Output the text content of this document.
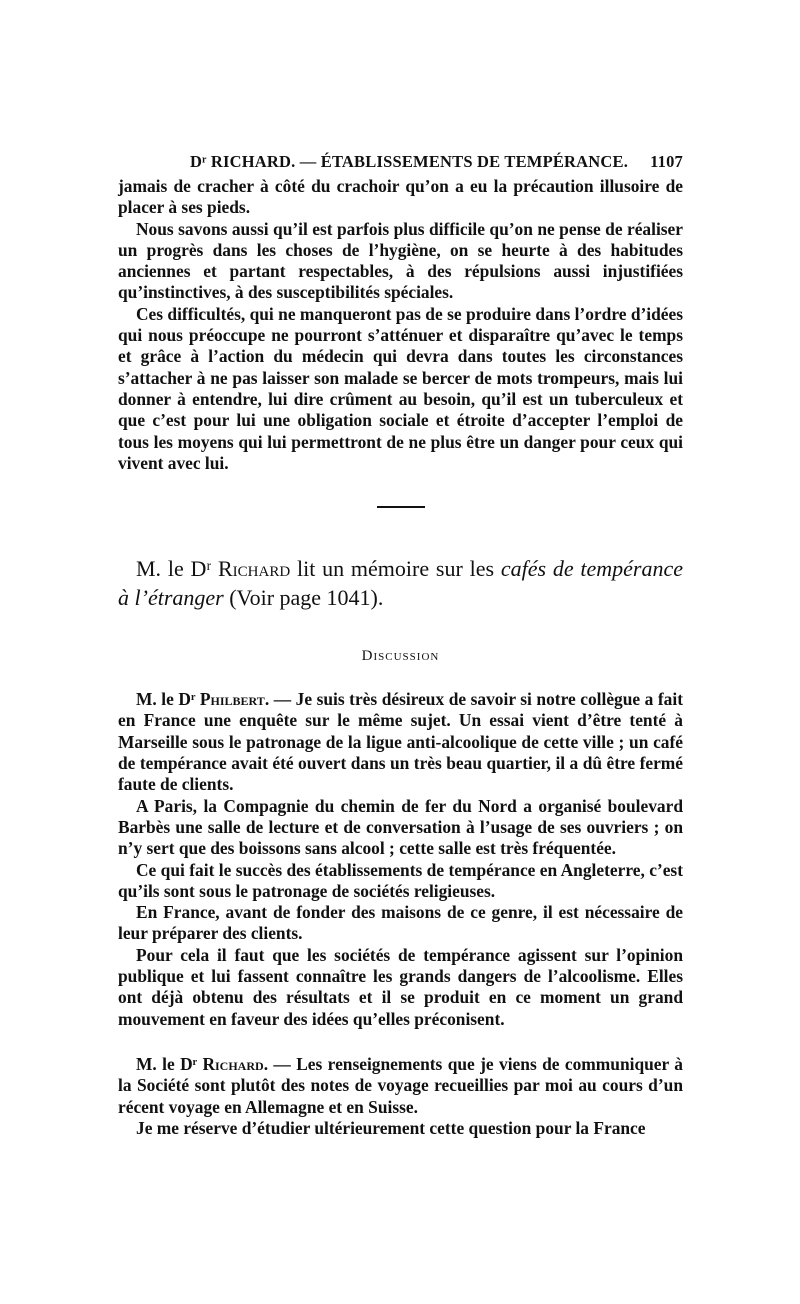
Dʳ RICHARD. — ÉTABLISSEMENTS DE TEMPÉRANCE. 1107

jamais de cracher à côté du crachoir qu’on a eu la précaution illusoire de placer à ses pieds.

Nous savons aussi qu’il est parfois plus difficile qu’on ne pense de réaliser un progrès dans les choses de l’hygiène, on se heurte à des habitudes anciennes et partant respectables, à des répulsions aussi injustifiées qu’instinctives, à des susceptibilités spéciales.

Ces difficultés, qui ne manqueront pas de se produire dans l’ordre d’idées qui nous préoccupe ne pourront s’atténuer et disparaître qu’avec le temps et grâce à l’action du médecin qui devra dans toutes les circonstances s’attacher à ne pas laisser son malade se bercer de mots trompeurs, mais lui donner à entendre, lui dire crûment au besoin, qu’il est un tuberculeux et que c’est pour lui une obligation sociale et étroite d’accepter l’emploi de tous les moyens qui lui permettront de ne plus être un danger pour ceux qui vivent avec lui.

M. le Dʳ Richard lit un mémoire sur les cafés de tempérance à l’étranger (Voir page 1041).
Discussion

M. le Dʳ Philbert. — Je suis très désireux de savoir si notre collègue a fait en France une enquête sur le même sujet. Un essai vient d’être tenté à Marseille sous le patronage de la ligue anti-alcoolique de cette ville ; un café de tempérance avait été ouvert dans un très beau quartier, il a dû être fermé faute de clients.

A Paris, la Compagnie du chemin de fer du Nord a organisé boulevard Barbès une salle de lecture et de conversation à l’usage de ses ouvriers ; on n’y sert que des boissons sans alcool ; cette salle est très fréquentée.

Ce qui fait le succès des établissements de tempérance en Angleterre, c’est qu’ils sont sous le patronage de sociétés religieuses.

En France, avant de fonder des maisons de ce genre, il est nécessaire de leur préparer des clients.

Pour cela il faut que les sociétés de tempérance agissent sur l’opinion publique et lui fassent connaître les grands dangers de l’alcoolisme. Elles ont déjà obtenu des résultats et il se produit en ce moment un grand mouvement en faveur des idées qu’elles préconisent.

M. le Dʳ Richard. — Les renseignements que je viens de communiquer à la Société sont plutôt des notes de voyage recueillies par moi au cours d’un récent voyage en Allemagne et en Suisse.

Je me réserve d’étudier ultérieurement cette question pour la France
